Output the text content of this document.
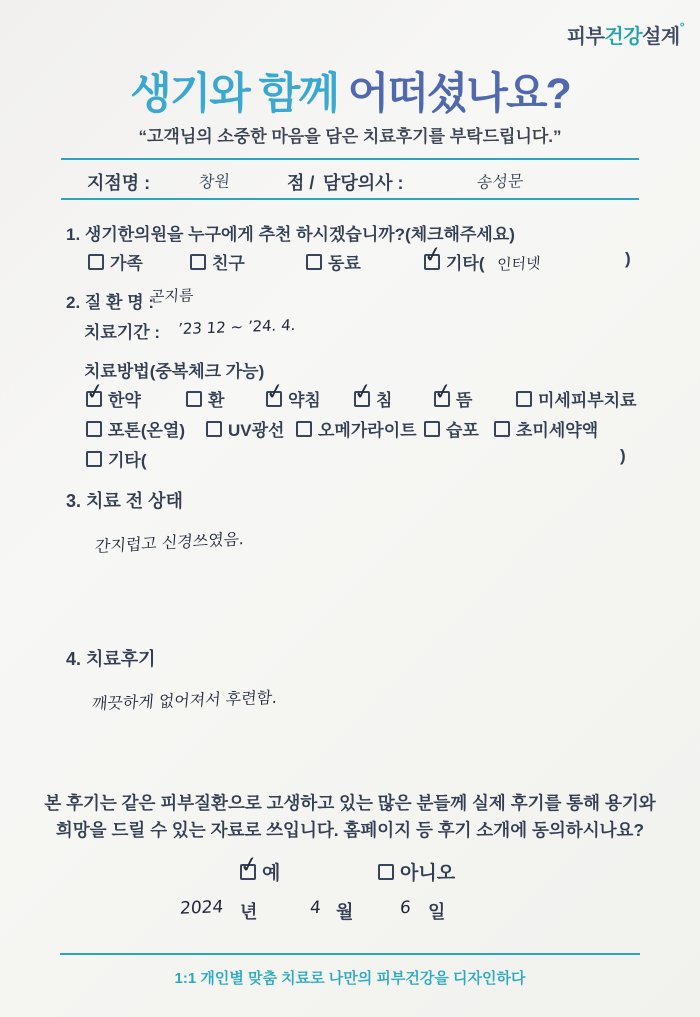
피부건강설계°
생기와 함께 어떠셨나요?
“고객님의 소중한 마음을 담은 치료후기를 부탁드립니다.”
지점명 :	창원	점 / 담당의사 :	송성문
1. 생기한의원을 누구에게 추천 하시겠습니까?(체크해주세요)
가족	친구	동료 ✓	기타( 인터넷	)
2. 질 환 명 :
곤지름
치료기간 : ’23 12 ~ ’24. 4.
치료방법(중복체크 가능)
✓한약	환 ✓	약침 ✓	침 ✓	뜸	미세피부치료
포톤(온열)	UV광선	오메가라이트	습포	초미세약액
기타(	)
3. 치료 전 상태
간지럽고 신경쓰였음.
4. 치료후기
깨끗하게 없어져서 후련함.
본 후기는 같은 피부질환으로 고생하고 있는 많은 분들께 실제 후기를 통해 용기와
희망을 드릴 수 있는 자료로 쓰입니다. 홈페이지 등 후기 소개에 동의하시나요?
✓예	아니오
2024 년	4 월	6 일
1:1 개인별 맞춤 치료로 나만의 피부건강을 디자인하다
